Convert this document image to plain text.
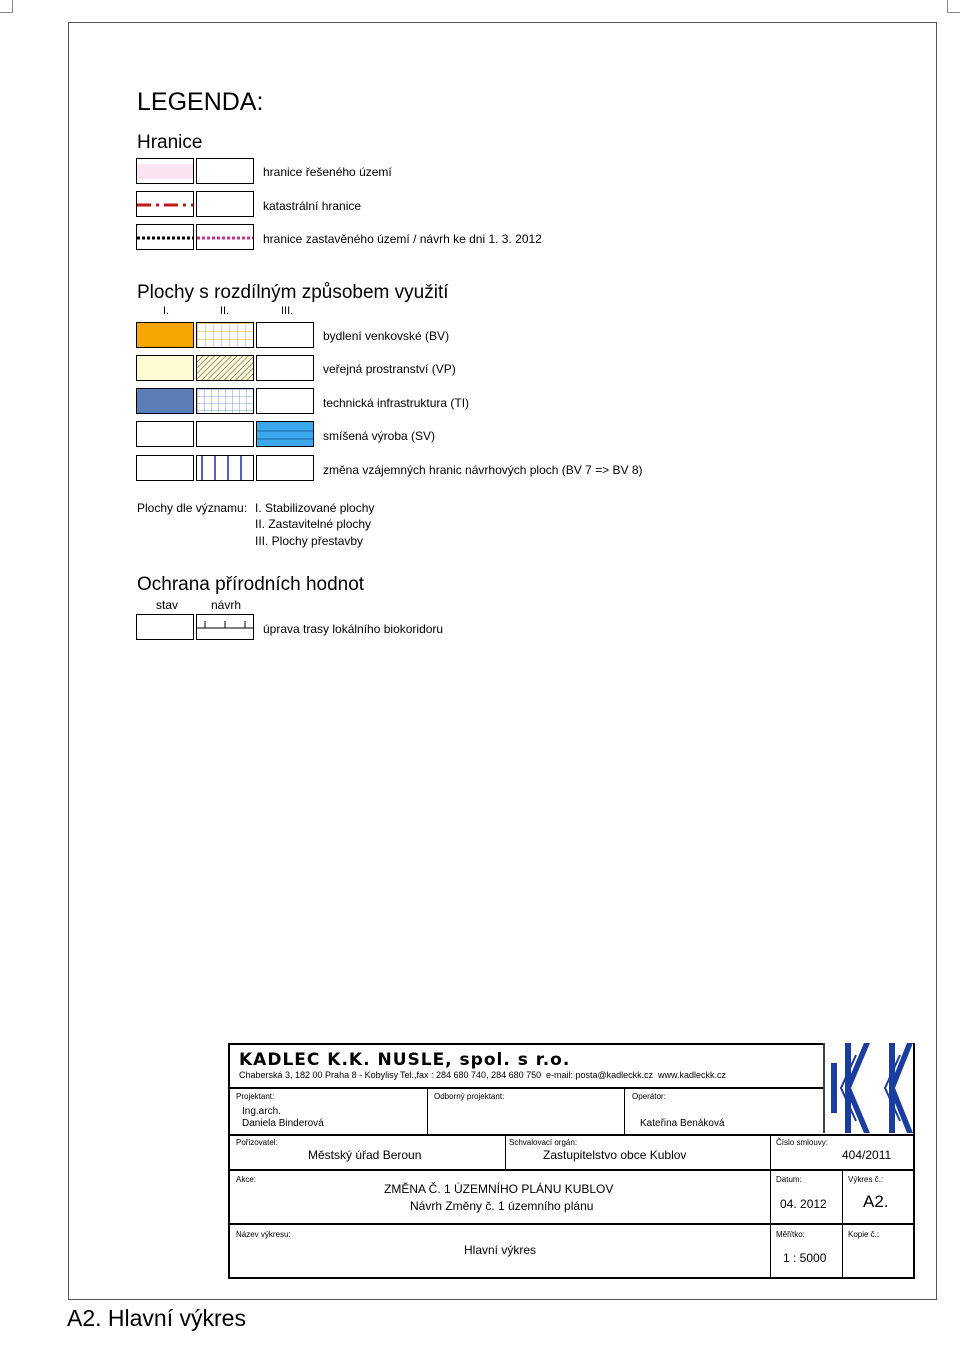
LEGENDA:
Hranice
hranice řešeného území
katastrální hranice
hranice zastavěného území / návrh ke dni 1. 3. 2012
Plochy s rozdílným způsobem využití
I.	II.	III.
bydlení venkovské (BV)
veřejná prostranství (VP)
technická infrastruktura (TI)
smíšená výroba (SV)
změna vzájemných hranic návrhových ploch (BV 7 => BV 8)
Plochy dle významu: I. Stabilizované plochy
II. Zastavitelné plochy
III. Plochy přestavby
Ochrana přírodních hodnot
stav	návrh
úprava trasy lokálního biokoridoru
KADLEC K.K. NUSLE, spol. s r.o.
Chaberská 3, 182 00 Praha 8 - Kobylisy Tel.,fax : 284 680 740, 284 680 750 e-mail: posta@kadleckk.cz www.kadleckk.cz
Projektant:
Ing.arch.
Daniela Binderová
Odborný projektant:	Operátor:
Kateřina Benáková
Pořizovatel:
Městský úřad Beroun
Schvalovací orgán:
Zastupitelstvo obce Kublov
Číslo smlouvy:
404/2011
Akce:
ZMĚNA Č. 1 ÚZEMNÍHO PLÁNU KUBLOV
Návrh Změny č. 1 územního plánu
Datum:
04. 2012
Výkres č.:
A2.
Název výkresu:
Hlavní výkres
Měřítko:
1 : 5000
Kopie č.:
A2. Hlavní výkres
